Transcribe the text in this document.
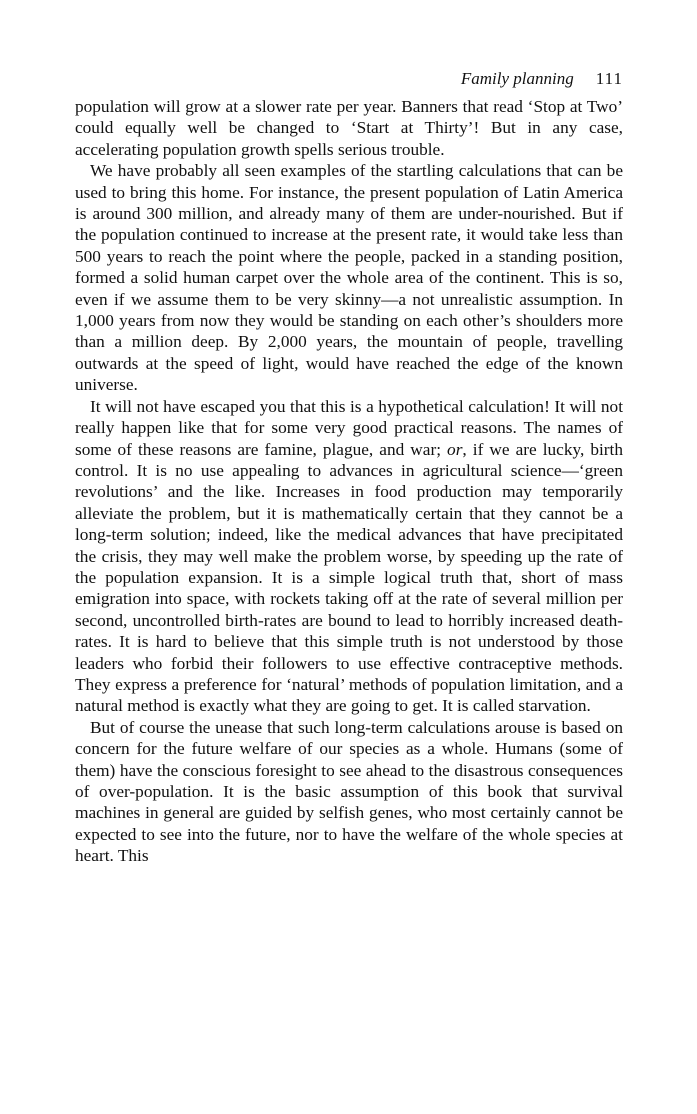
Family planning 111

population will grow at a slower rate per year. Banners that read ‘Stop at Two’ could equally well be changed to ‘Start at Thirty’! But in any case, accelerating population growth spells serious trouble.

We have probably all seen examples of the startling calculations that can be used to bring this home. For instance, the present population of Latin America is around 300 million, and already many of them are under-nourished. But if the population continued to increase at the present rate, it would take less than 500 years to reach the point where the people, packed in a standing position, formed a solid human carpet over the whole area of the continent. This is so, even if we assume them to be very skinny—a not unrealistic assumption. In 1,000 years from now they would be standing on each other’s shoulders more than a million deep. By 2,000 years, the mountain of people, travelling outwards at the speed of light, would have reached the edge of the known universe.

It will not have escaped you that this is a hypothetical calculation! It will not really happen like that for some very good practical reasons. The names of some of these reasons are famine, plague, and war; or, if we are lucky, birth control. It is no use appealing to advances in agricultural science—‘green revolutions’ and the like. Increases in food production may temporarily alleviate the problem, but it is mathematically certain that they cannot be a long-term solution; indeed, like the medical advances that have precipitated the crisis, they may well make the problem worse, by speeding up the rate of the population expansion. It is a simple logical truth that, short of mass emigration into space, with rockets taking off at the rate of several million per second, uncontrolled birth-rates are bound to lead to horribly increased death-rates. It is hard to believe that this simple truth is not understood by those leaders who forbid their followers to use effective contraceptive methods. They express a preference for ‘natural’ methods of population limitation, and a natural method is exactly what they are going to get. It is called starvation.

But of course the unease that such long-term calculations arouse is based on concern for the future welfare of our species as a whole. Humans (some of them) have the conscious foresight to see ahead to the disastrous consequences of over-population. It is the basic assumption of this book that survival machines in general are guided by selfish genes, who most certainly cannot be expected to see into the future, nor to have the welfare of the whole species at heart. This
